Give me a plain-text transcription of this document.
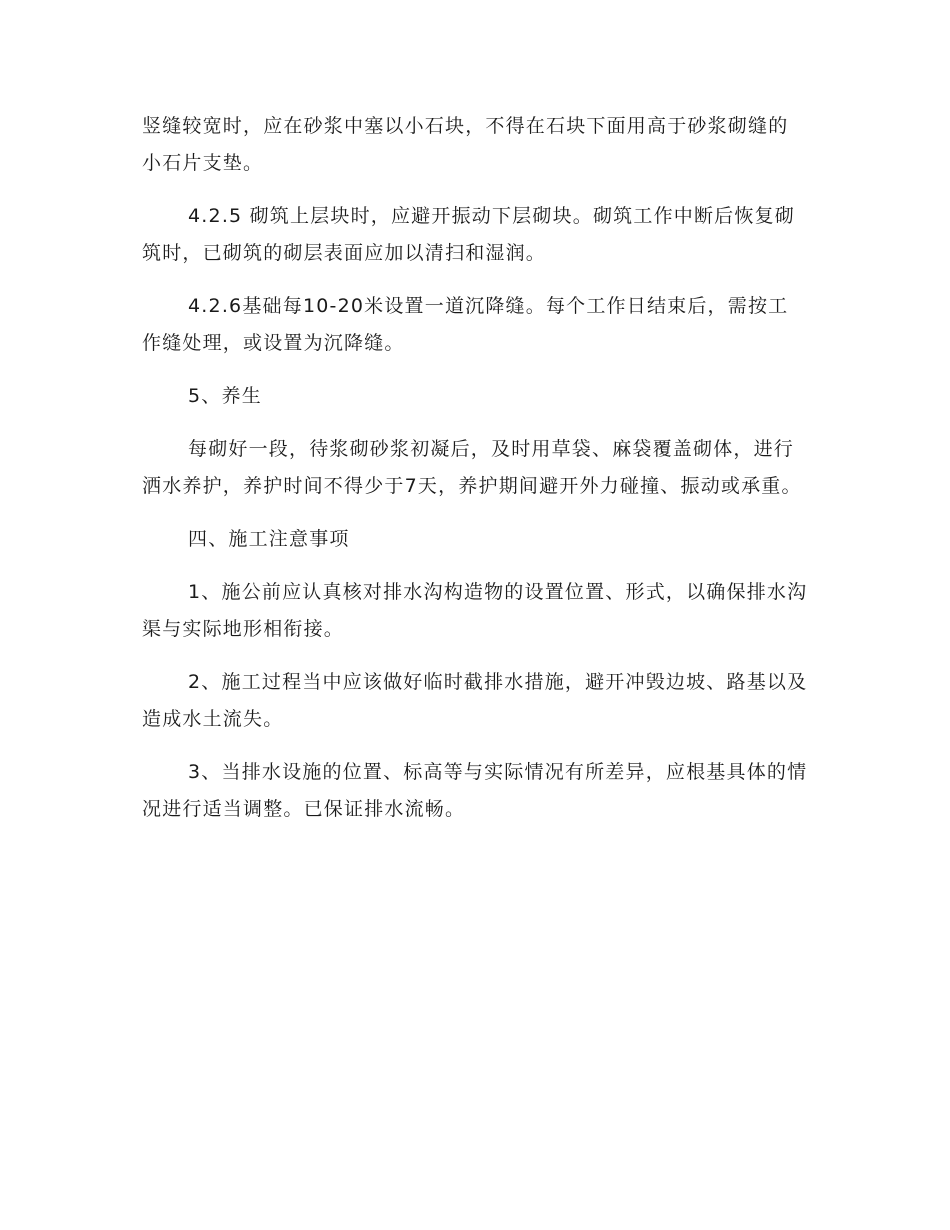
竖缝较宽时，应在砂浆中塞以小石块，不得在石块下面用高于砂浆砌缝的小石片支垫。

4.2.5 砌筑上层块时，应避开振动下层砌块。砌筑工作中断后恢复砌筑时，已砌筑的砌层表面应加以清扫和湿润。

4.2.6基础每10-20米设置一道沉降缝。每个工作日结束后，需按工作缝处理，或设置为沉降缝。

5、养生

每砌好一段，待浆砌砂浆初凝后，及时用草袋、麻袋覆盖砌体，进行洒水养护，养护时间不得少于7天，养护期间避开外力碰撞、振动或承重。

四、施工注意事项

1、施公前应认真核对排水沟构造物的设置位置、形式，以确保排水沟渠与实际地形相衔接。

2、施工过程当中应该做好临时截排水措施，避开冲毁边坡、路基以及造成水土流失。

3、当排水设施的位置、标高等与实际情况有所差异，应根基具体的情况进行适当调整。已保证排水流畅。
